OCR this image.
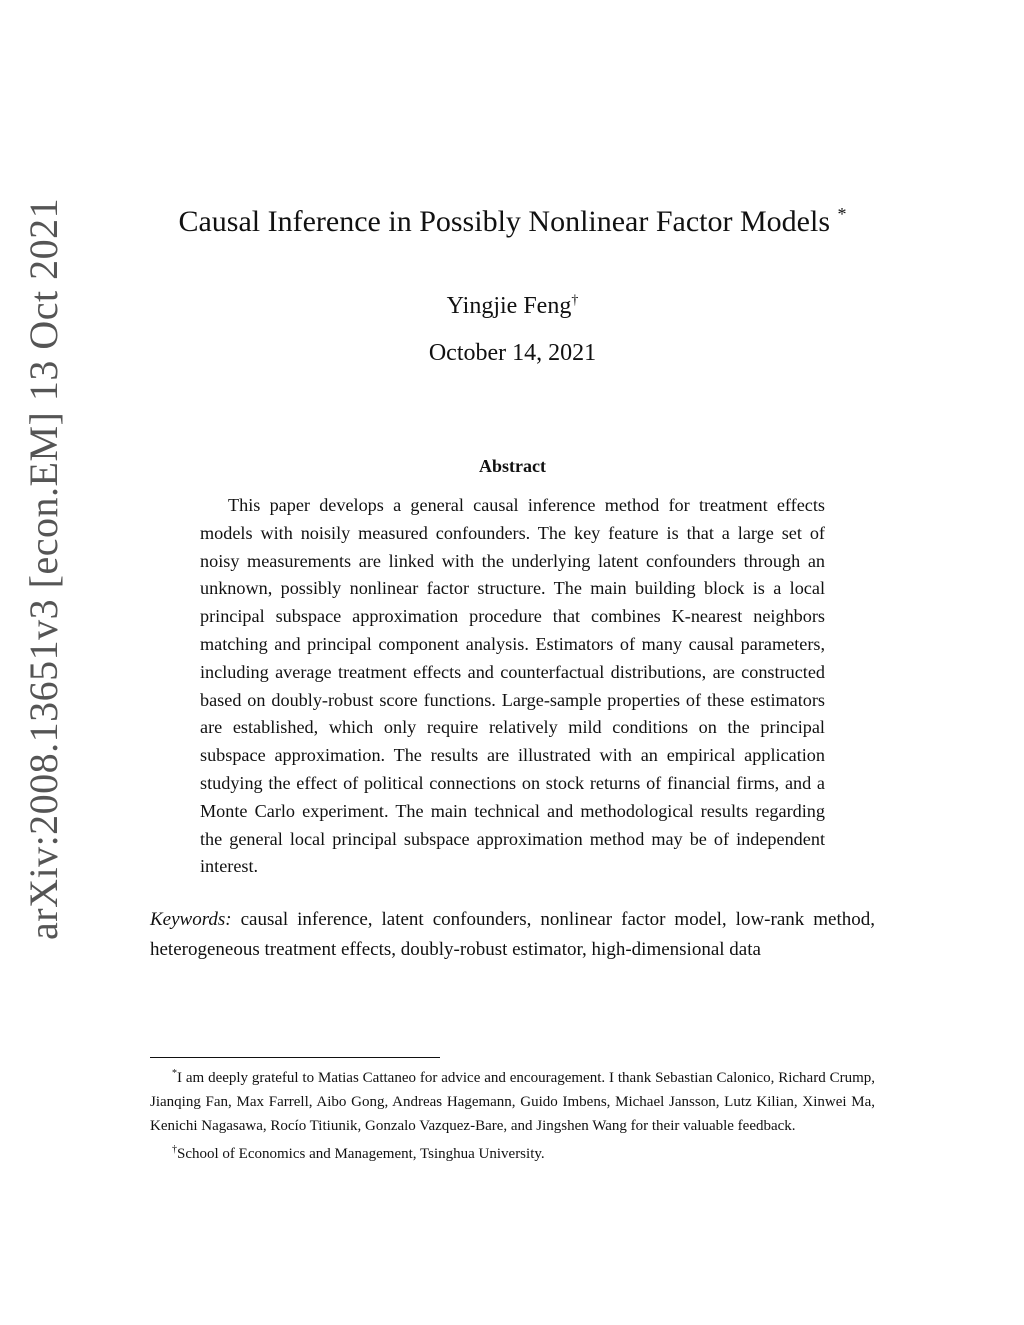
arXiv:2008.13651v3 [econ.EM] 13 Oct 2021	Causal Inference in Possibly Nonlinear Factor Models *
Yingjie Feng†
October 14, 2021
Abstract
This paper develops a general causal inference method for treatment effects models with noisily measured confounders. The key feature is that a large set of noisy measurements are linked with the underlying latent confounders through an unknown, possibly nonlinear factor structure. The main building block is a local principal subspace approximation procedure that combines K-nearest neighbors matching and principal component analysis. Estimators of many causal parameters, including average treatment effects and counterfactual distributions, are constructed based on doubly-robust score functions. Large-sample properties of these estimators are established, which only require relatively mild conditions on the principal subspace approximation. The results are illustrated with an empirical application studying the effect of political connections on stock returns of financial firms, and a Monte Carlo experiment. The main technical and methodological results regarding the general local principal subspace approximation method may be of independent interest.
Keywords: causal inference, latent confounders, nonlinear factor model, low-rank method, heterogeneous treatment effects, doubly-robust estimator, high-dimensional data

*I am deeply grateful to Matias Cattaneo for advice and encouragement. I thank Sebastian Calonico, Richard Crump, Jianqing Fan, Max Farrell, Aibo Gong, Andreas Hagemann, Guido Imbens, Michael Jansson, Lutz Kilian, Xinwei Ma, Kenichi Nagasawa, Rocío Titiunik, Gonzalo Vazquez-Bare, and Jingshen Wang for their valuable feedback.

†School of Economics and Management, Tsinghua University.
